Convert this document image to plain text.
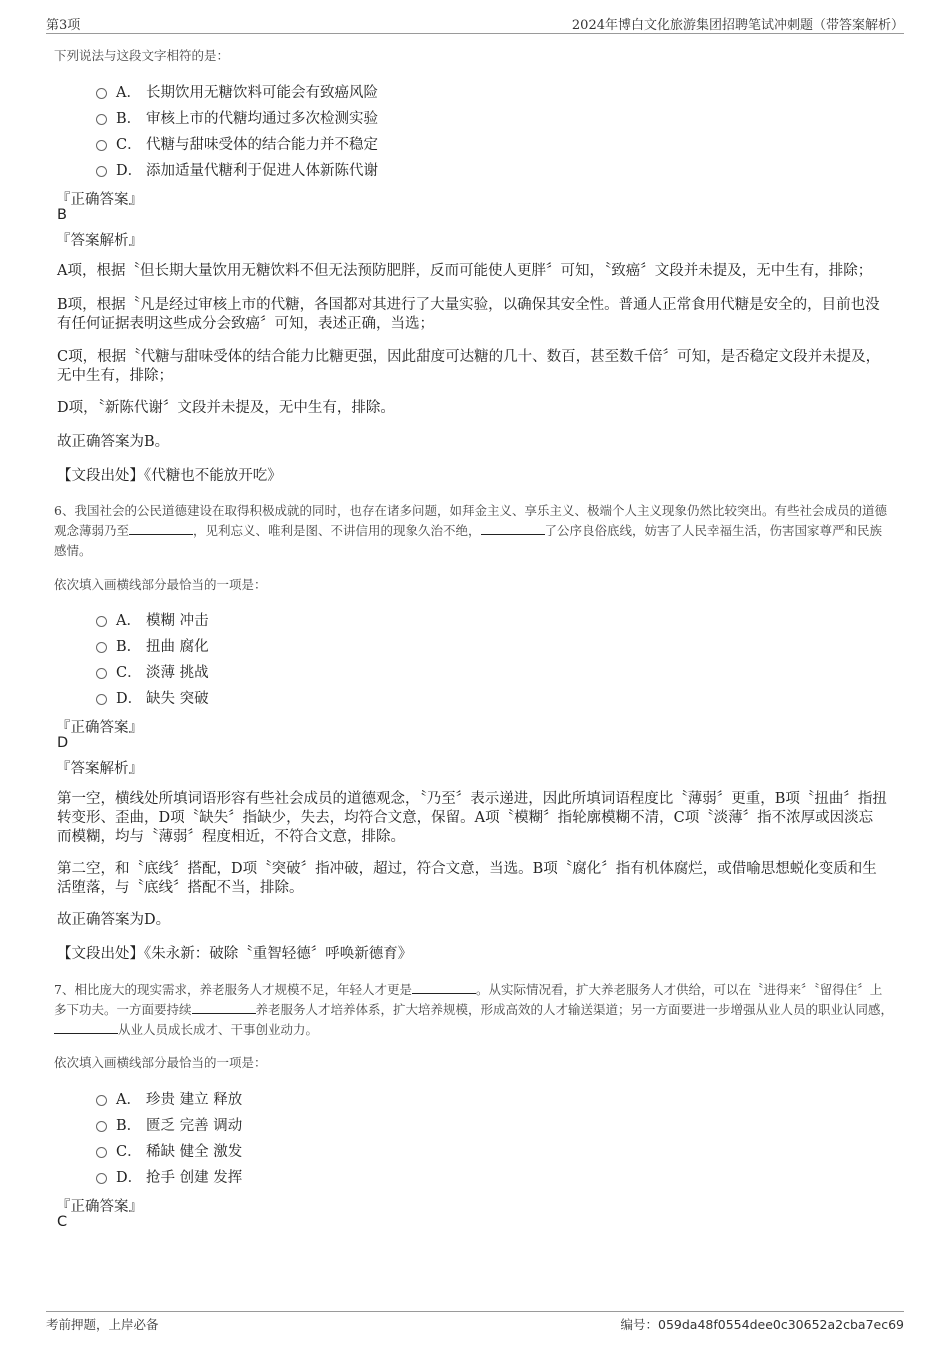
第3项	2024年博白文化旅游集团招聘笔试冲刺题（带答案解析）
下列说法与这段文字相符的是：
A． 长期饮用无糖饮料可能会有致癌风险
B． 审核上市的代糖均通过多次检测实验
C． 代糖与甜味受体的结合能力并不稳定
D． 添加适量代糖利于促进人体新陈代谢
『正确答案』
B
『答案解析』
A项，根据〝但长期大量饮用无糖饮料不但无法预防肥胖，反而可能使人更胖〞可知，〝致癌〞文段并未提及，无中生有，排除；
B项，根据〝凡是经过审核上市的代糖，各国都对其进行了大量实验，以确保其安全性。普通人正常食用代糖是安全的，目前也没有任何证据表明这些成分会致癌〞可知，表述正确，当选；
C项，根据〝代糖与甜味受体的结合能力比糖更强，因此甜度可达糖的几十、数百，甚至数千倍〞可知，是否稳定文段并未提及，无中生有，排除；
D项，〝新陈代谢〞文段并未提及，无中生有，排除。
故正确答案为B。
【文段出处】《代糖也不能放开吃》
6、我国社会的公民道德建设在取得积极成就的同时，也存在诸多问题，如拜金主义、享乐主义、极端个人主义现象仍然比较突出。有些社会成员的道德观念薄弱乃至	，见利忘义、唯利是图、不讲信用的现象久治不绝，	了公序良俗底线，妨害了人民幸福生活，伤害国家尊严和民族感情。
依次填入画横线部分最恰当的一项是：
A． 模糊 冲击
B． 扭曲 腐化
C． 淡薄 挑战
D． 缺失 突破
『正确答案』
D
『答案解析』
第一空，横线处所填词语形容有些社会成员的道德观念，〝乃至〞表示递进，因此所填词语程度比〝薄弱〞更重，B项〝扭曲〞指扭转变形、歪曲，D项〝缺失〞指缺少，失去，均符合文意，保留。A项〝模糊〞指轮廓模糊不清，C项〝淡薄〞指不浓厚或因淡忘而模糊，均与〝薄弱〞程度相近，不符合文意，排除。
第二空，和〝底线〞搭配，D项〝突破〞指冲破，超过，符合文意，当选。B项〝腐化〞指有机体腐烂，或借喻思想蜕化变质和生活堕落，与〝底线〞搭配不当，排除。
故正确答案为D。
【文段出处】《朱永新：破除〝重智轻德〞呼唤新德育》
7、相比庞大的现实需求，养老服务人才规模不足，年轻人才更是	。从实际情况看，扩大养老服务人才供给，可以在〝进得来〞〝留得住〞上多下功夫。一方面要持续	养老服务人才培养体系，扩大培养规模，形成高效的人才输送渠道；另一方面要进一步增强从业人员的职业认同感，从业人员成长成才、干事创业动力。
依次填入画横线部分最恰当的一项是：
A． 珍贵 建立 释放
B． 匮乏 完善 调动
C． 稀缺 健全 激发
D． 抢手 创建 发挥
『正确答案』
C
考前押题，上岸必备	编号：059da48f0554dee0c30652a2cba7ec69
